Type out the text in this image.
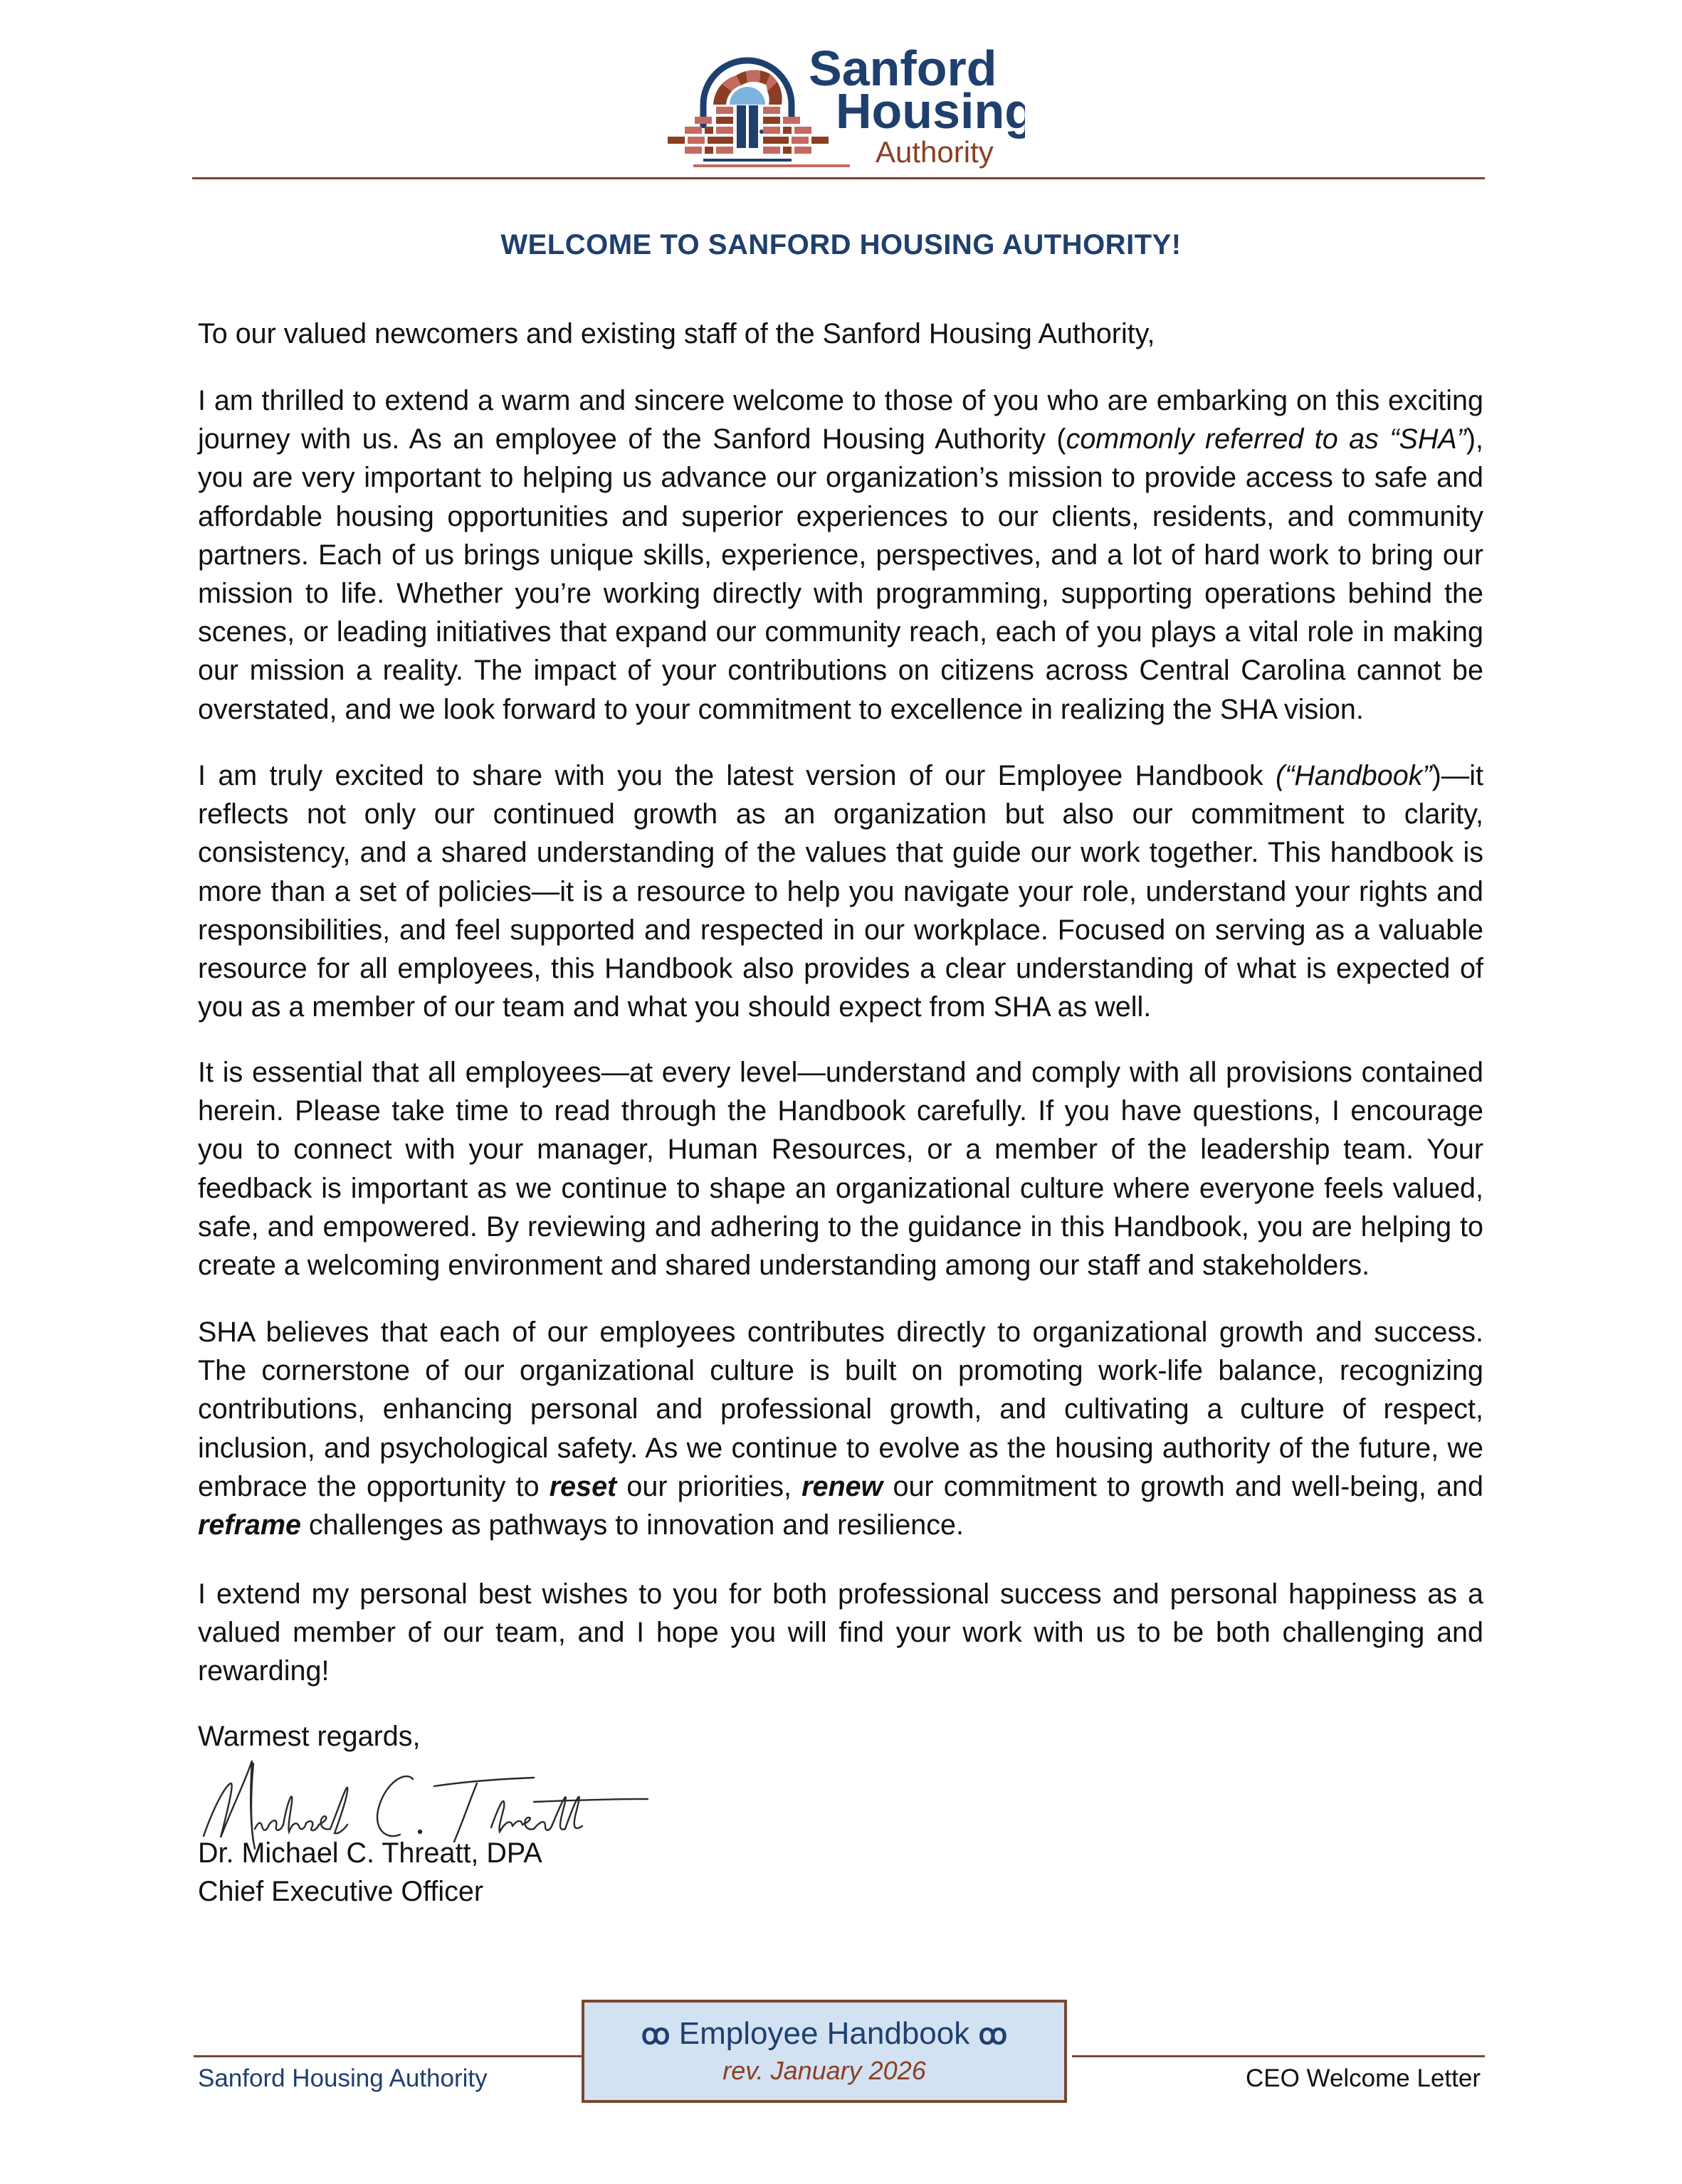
Sanford
Housing
Authority
WELCOME TO SANFORD HOUSING AUTHORITY!

To our valued newcomers and existing staff of the Sanford Housing Authority,

I am thrilled to extend a warm and sincere welcome to those of you who are embarking on this exciting journey with us. As an employee of the Sanford Housing Authority (commonly referred to as “SHA”), you are very important to helping us advance our organization’s mission to provide access to safe and affordable housing opportunities and superior experiences to our clients, residents, and community partners. Each of us brings unique skills, experience, perspectives, and a lot of hard work to bring our mission to life. Whether you’re working directly with programming, supporting operations behind the scenes, or leading initiatives that expand our community reach, each of you plays a vital role in making our mission a reality. The impact of your contributions on citizens across Central Carolina cannot be overstated, and we look forward to your commitment to excellence in realizing the SHA vision.

I am truly excited to share with you the latest version of our Employee Handbook (“Handbook”)—it reflects not only our continued growth as an organization but also our commitment to clarity, consistency, and a shared understanding of the values that guide our work together. This handbook is more than a set of policies—it is a resource to help you navigate your role, understand your rights and responsibilities, and feel supported and respected in our workplace. Focused on serving as a valuable resource for all employees, this Handbook also provides a clear understanding of what is expected of you as a member of our team and what you should expect from SHA as well.

It is essential that all employees—at every level—understand and comply with all provisions contained herein. Please take time to read through the Handbook carefully. If you have questions, I encourage you to connect with your manager, Human Resources, or a member of the leadership team. Your feedback is important as we continue to shape an organizational culture where everyone feels valued, safe, and empowered. By reviewing and adhering to the guidance in this Handbook, you are helping to create a welcoming environment and shared understanding among our staff and stakeholders.

SHA believes that each of our employees contributes directly to organizational growth and success. The cornerstone of our organizational culture is built on promoting work-life balance, recognizing contributions, enhancing personal and professional growth, and cultivating a culture of respect, inclusion, and psychological safety. As we continue to evolve as the housing authority of the future, we embrace the opportunity to reset our priorities, renew our commitment to growth and well-being, and reframe challenges as pathways to innovation and resilience.

I extend my personal best wishes to you for both professional success and personal happiness as a valued member of our team, and I hope you will find your work with us to be both challenging and rewarding!

Warmest regards,
Dr. Michael C. Threatt, DPA
Chief Executive Officer
Sanford Housing Authority	CEO Welcome Letter
ꝏ Employee Handbook ꝏ
rev. January 2026
